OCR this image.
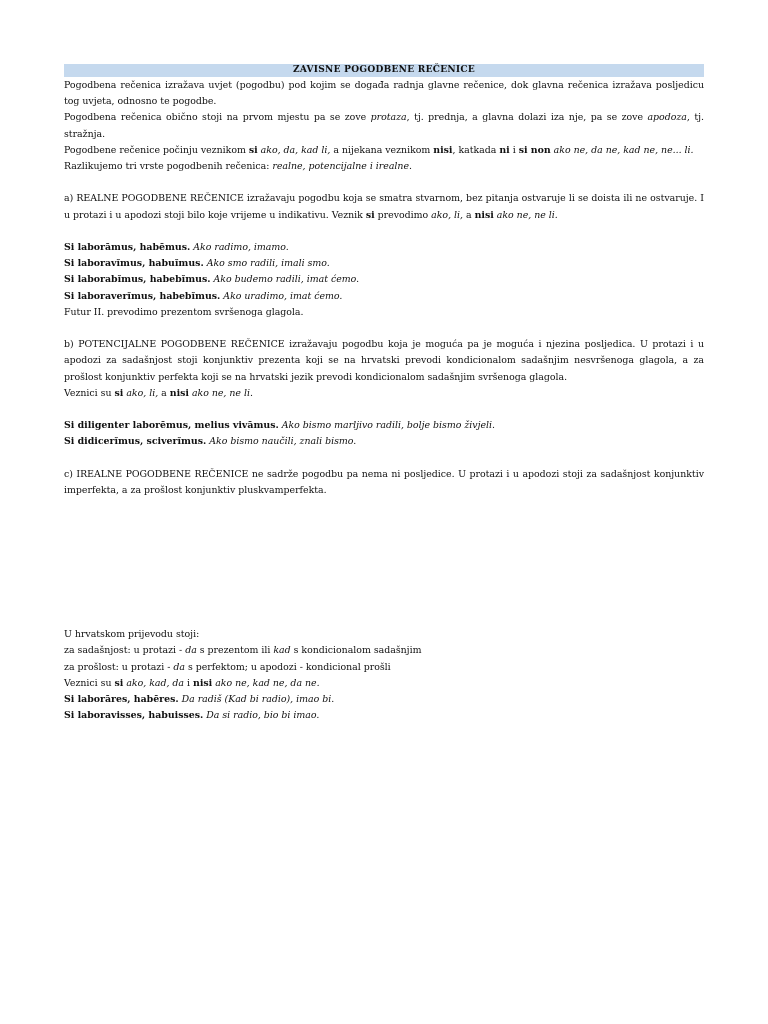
ZAVISNE POGODBENE REČENICE

Pogodbena rečenica izražava uvjet (pogodbu) pod kojim se događa radnja glavne rečenice, dok glavna rečenica izražava posljedicu tog uvjeta, odnosno te pogodbe.

Pogodbena rečenica obično stoji na prvom mjestu pa se zove protaza, tj. prednja, a glavna dolazi iza nje, pa se zove apodoza, tj. stražnja.

Pogodbene rečenice počinju veznikom si ako, da, kad li, a nijekana veznikom nisi, katkada ni i si non ako ne, da ne, kad ne, ne... li.

Razlikujemo tri vrste pogodbenih rečenica: realne, potencijalne i irealne.

a) REALNE POGODBENE REČENICE izražavaju pogodbu koja se smatra stvarnom, bez pitanja ostvaruje li se doista ili ne ostvaruje. I u protazi i u apodozi stoji bilo koje vrijeme u indikativu. Veznik si prevodimo ako, li, a nisi ako ne, ne li.

Si laborāmus, habēmus. Ako radimo, imamo.

Si laboravĭmus, habuĭmus. Ako smo radili, imali smo.

Si laborabĭmus, habebĭmus. Ako budemo radili, imat ćemo.

Si laboraverĭmus, habebĭmus. Ako uradimo, imat ćemo.

Futur II. prevodimo prezentom svršenoga glagola.

b) POTENCIJALNE POGODBENE REČENICE izražavaju pogodbu koja je moguća pa je moguća i njezina posljedica. U protazi i u apodozi za sadašnjost stoji konjunktiv prezenta koji se na hrvatski prevodi kondicionalom sadašnjim nesvršenoga glagola, a za prošlost konjunktiv perfekta koji se na hrvatski jezik prevodi kondicionalom sadašnjim svršenoga glagola.

Veznici su si ako, li, a nisi ako ne, ne li.

Si diligenter laborēmus, melius vivāmus. Ako bismo marljivo radili, bolje bismo živjeli.

Si didicerĭmus, sciverĭmus. Ako bismo naučili, znali bismo.

c) IREALNE POGODBENE REČENICE ne sadrže pogodbu pa nema ni posljedice. U protazi i u apodozi stoji za sadašnjost konjunktiv imperfekta, a za prošlost konjunktiv pluskvamperfekta.

U hrvatskom prijevodu stoji:

za sadašnjost: u protazi - da s prezentom ili kad s kondicionalom sadašnjim

za prošlost: u protazi - da s perfektom; u apodozi - kondicional prošli

Veznici su si ako, kad, da i nisi ako ne, kad ne, da ne.

Si laborāres, habēres. Da radiš (Kad bi radio), imao bi.

Si laboravisses, habuisses. Da si radio, bio bi imao.
